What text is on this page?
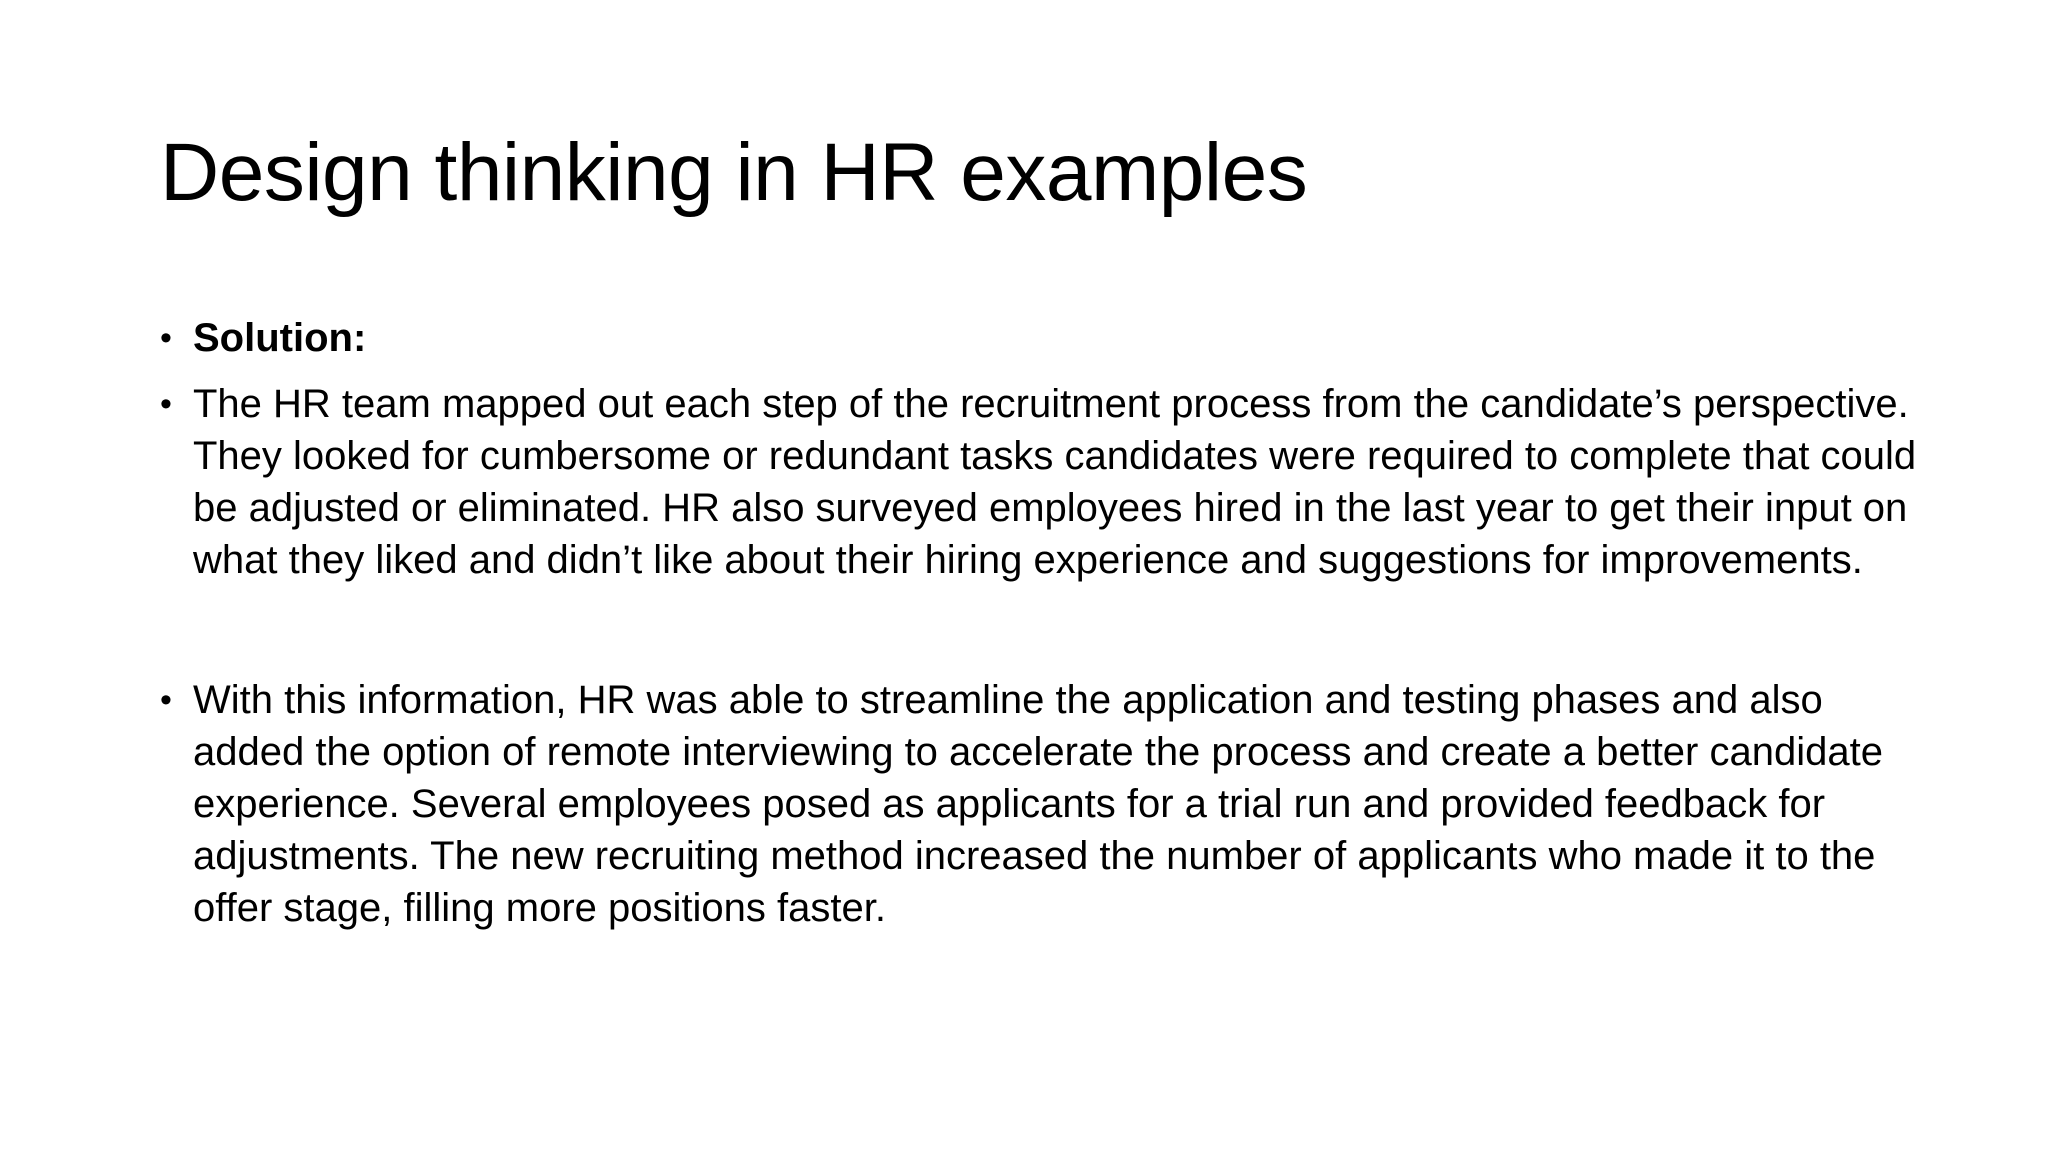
Design thinking in HR examples
• Solution:
• The HR team mapped out each step of the recruitment process from the candidate’s perspective. They looked for cumbersome or redundant tasks candidates were required to complete that could be adjusted or eliminated. HR also surveyed employees hired in the last year to get their input on what they liked and didn’t like about their hiring experience and suggestions for improvements.
• With this information, HR was able to streamline the application and testing phases and also added the option of remote interviewing to accelerate the process and create a better candidate experience. Several employees posed as applicants for a trial run and provided feedback for adjustments. The new recruiting method increased the number of applicants who made it to the offer stage, filling more positions faster.
